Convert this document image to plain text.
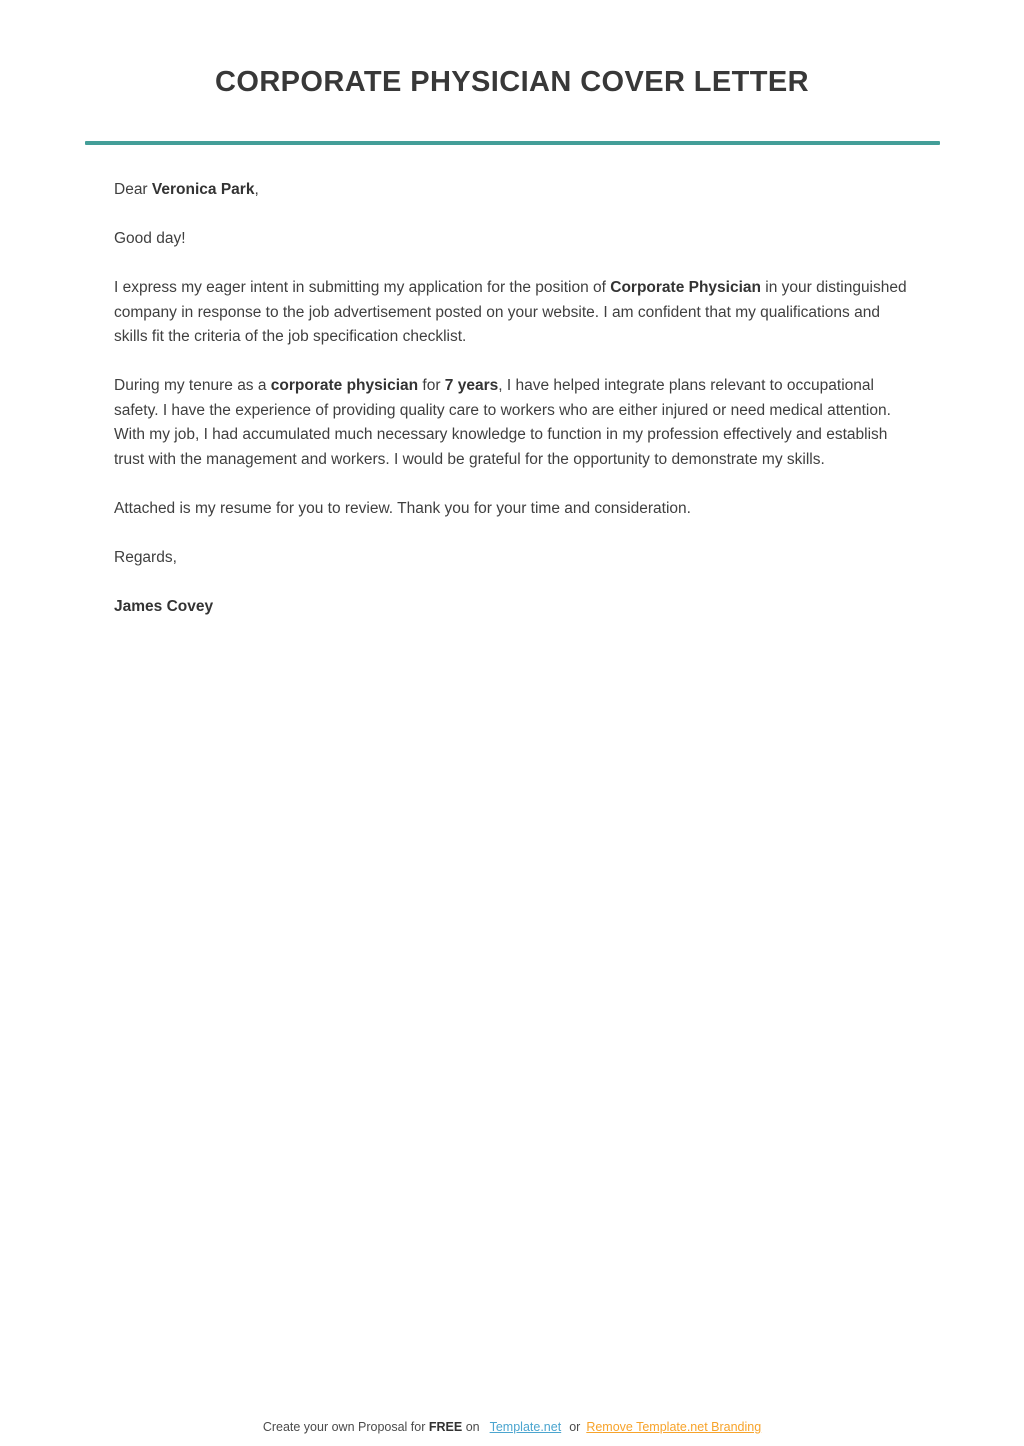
CORPORATE PHYSICIAN COVER LETTER

Dear Veronica Park,

Good day!

I express my eager intent in submitting my application for the position of Corporate Physician in your distinguished company in response to the job advertisement posted on your website. I am confident that my qualifications and skills fit the criteria of the job specification checklist.

During my tenure as a corporate physician for 7 years, I have helped integrate plans relevant to occupational safety. I have the experience of providing quality care to workers who are either injured or need medical attention. With my job, I had accumulated much necessary knowledge to function in my profession effectively and establish trust with the management and workers. I would be grateful for the opportunity to demonstrate my skills.

Attached is my resume for you to review. Thank you for your time and consideration.

Regards,

James Covey

Create your own Proposal for FREE on Template.net or Remove Template.net Branding
